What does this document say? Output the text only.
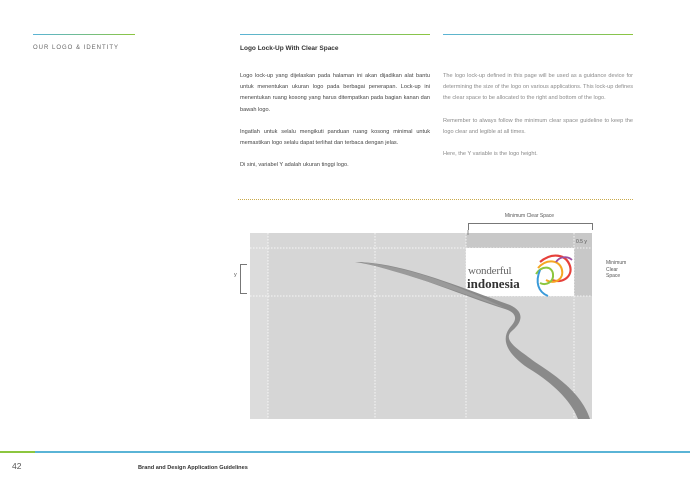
OUR LOGO & IDENTITY	Logo Lock-Up With Clear Space

Logo lock-up yang dijelaskan pada halaman ini akan dijadikan alat bantu untuk menentukan ukuran logo pada berbagai penerapan. Lock-up ini menentukan ruang kosong yang harus ditempatkan pada bagian kanan dan bawah logo.

Ingatlah untuk selalu mengikuti panduan ruang kosong minimal untuk memastikan logo selalu dapat terlihat dan terbaca dengan jelas.

Di sini, variabel Y adalah ukuran tinggi logo.

The logo lock-up defined in this page will be used as a guidance device for determining the size of the logo on various applications. This lock-up defines the clear space to be allocated to the right and bottom of the logo.

Remember to always follow the minimum clear space guideline to keep the logo clear and legible at all times.

Here, the Y variable is the logo height.

Minimum Clear Space
wonderful
indonesia
0.5 y
Minimum
Clear
Space
y
42	Brand and Design Application Guidelines
